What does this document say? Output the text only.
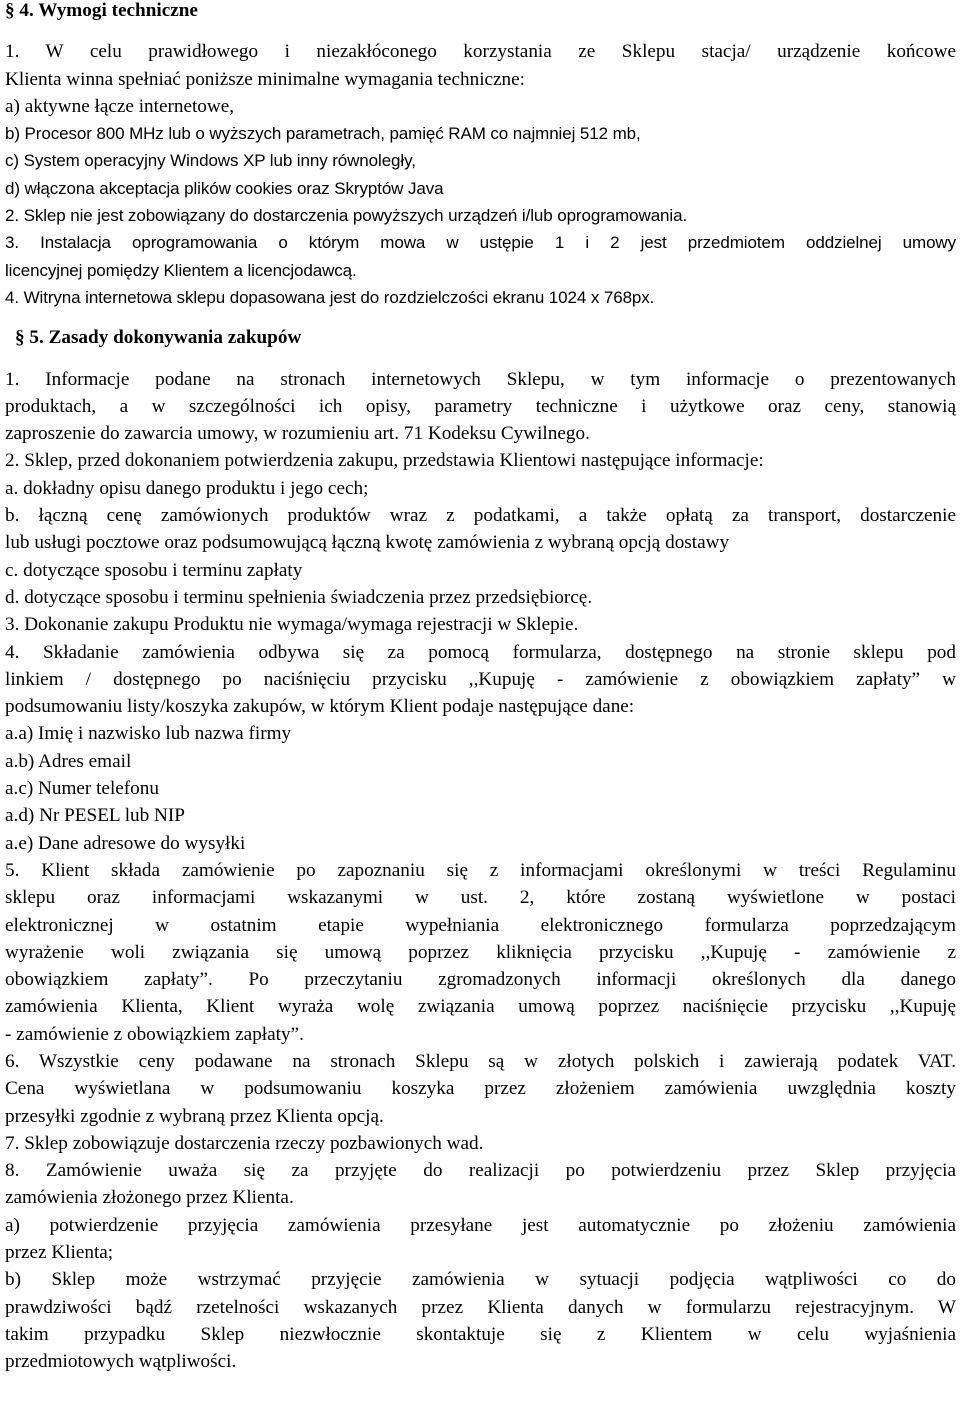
§ 4. Wymogi techniczne

1. W celu prawidłowego i niezakłóconego korzystania ze Sklepu stacja/ urządzenie końcowe

Klienta winna spełniać poniższe minimalne wymagania techniczne:

a) aktywne łącze internetowe,

b) Procesor 800 MHz lub o wyższych parametrach, pamięć RAM co najmniej 512 mb,

c) System operacyjny Windows XP lub inny równoległy,

d) włączona akceptacja plików cookies oraz Skryptów Java

2. Sklep nie jest zobowiązany do dostarczenia powyższych urządzeń i/lub oprogramowania.

3. Instalacja oprogramowania o którym mowa w ustępie 1 i 2 jest przedmiotem oddzielnej umowy

licencyjnej pomiędzy Klientem a licencjodawcą.

4. Witryna internetowa sklepu dopasowana jest do rozdzielczości ekranu 1024 x 768px.

§ 5. Zasady dokonywania zakupów

1. Informacje podane na stronach internetowych Sklepu, w tym informacje o prezentowanych

produktach, a w szczególności ich opisy, parametry techniczne i użytkowe oraz ceny, stanowią

zaproszenie do zawarcia umowy, w rozumieniu art. 71 Kodeksu Cywilnego.

2. Sklep, przed dokonaniem potwierdzenia zakupu, przedstawia Klientowi następujące informacje:

a. dokładny opisu danego produktu i jego cech;

b. łączną cenę zamówionych produktów wraz z podatkami, a także opłatą za transport, dostarczenie

lub usługi pocztowe oraz podsumowującą łączną kwotę zamówienia z wybraną opcją dostawy

c. dotyczące sposobu i terminu zapłaty

d. dotyczące sposobu i terminu spełnienia świadczenia przez przedsiębiorcę.

3. Dokonanie zakupu Produktu nie wymaga/wymaga rejestracji w Sklepie.

4. Składanie zamówienia odbywa się za pomocą formularza, dostępnego na stronie sklepu pod

linkiem / dostępnego po naciśnięciu przycisku ,,Kupuję - zamówienie z obowiązkiem zapłaty” w

podsumowaniu listy/koszyka zakupów, w którym Klient podaje następujące dane:

a.a) Imię i nazwisko lub nazwa firmy

a.b) Adres email

a.c) Numer telefonu

a.d) Nr PESEL lub NIP

a.e) Dane adresowe do wysyłki

5. Klient składa zamówienie po zapoznaniu się z informacjami określonymi w treści Regulaminu

sklepu oraz informacjami wskazanymi w ust. 2, które zostaną wyświetlone w postaci

elektronicznej w ostatnim etapie wypełniania elektronicznego formularza poprzedzającym

wyrażenie woli związania się umową poprzez kliknięcia przycisku ,,Kupuję - zamówienie z

obowiązkiem zapłaty”. Po przeczytaniu zgromadzonych informacji określonych dla danego

zamówienia Klienta, Klient wyraża wolę związania umową poprzez naciśnięcie przycisku ,,Kupuję

- zamówienie z obowiązkiem zapłaty”.

6. Wszystkie ceny podawane na stronach Sklepu są w złotych polskich i zawierają podatek VAT.

Cena wyświetlana w podsumowaniu koszyka przez złożeniem zamówienia uwzględnia koszty

przesyłki zgodnie z wybraną przez Klienta opcją.

7. Sklep zobowiązuje dostarczenia rzeczy pozbawionych wad.

8. Zamówienie uważa się za przyjęte do realizacji po potwierdzeniu przez Sklep przyjęcia

zamówienia złożonego przez Klienta.

a) potwierdzenie przyjęcia zamówienia przesyłane jest automatycznie po złożeniu zamówienia

przez Klienta;

b) Sklep może wstrzymać przyjęcie zamówienia w sytuacji podjęcia wątpliwości co do

prawdziwości bądź rzetelności wskazanych przez Klienta danych w formularzu rejestracyjnym. W

takim przypadku Sklep niezwłocznie skontaktuje się z Klientem w celu wyjaśnienia

przedmiotowych wątpliwości.
